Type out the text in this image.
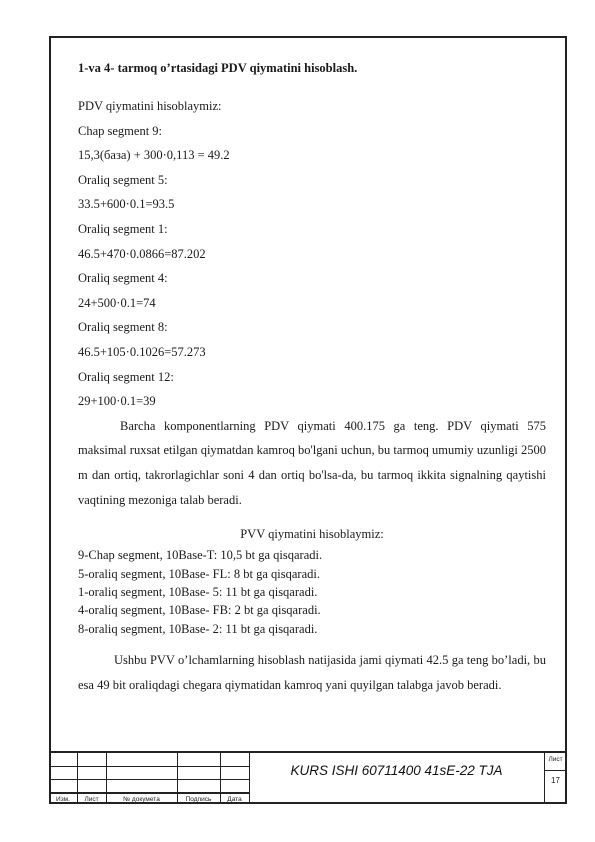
1-va 4- tarmoq o’rtasidagi PDV qiymatini hisoblash.
PDV qiymatini hisoblaymiz:
Chap segment 9:
15,3(база) + 300·0,113 = 49.2
Oraliq segment 5:
33.5+600·0.1=93.5
Oraliq segment 1:
46.5+470·0.0866=87.202
Oraliq segment 4:
24+500·0.1=74
Oraliq segment 8:
46.5+105·0.1026=57.273
Oraliq segment 12:
29+100·0.1=39
Barcha komponentlarning PDV qiymati 400.175 ga teng. PDV qiymati 575 maksimal ruxsat etilgan qiymatdan kamroq bo'lgani uchun, bu tarmoq umumiy uzunligi 2500 m dan ortiq, takrorlagichlar soni 4 dan ortiq bo'lsa-da, bu tarmoq ikkita signalning qaytishi vaqtining mezoniga talab beradi.
PVV qiymatini hisoblaymiz:
9-Chap segment, 10Base-T: 10,5 bt ga qisqaradi.
5-oraliq segment, 10Base- FL: 8 bt ga qisqaradi.
1-oraliq segment, 10Base- 5: 11 bt ga qisqaradi.
4-oraliq segment, 10Base- FB: 2 bt ga qisqaradi.
8-oraliq segment, 10Base- 2: 11 bt ga qisqaradi.
Ushbu PVV o’lchamlarning hisoblash natijasida jami qiymati 42.5 ga teng bo’ladi, bu esa 49 bit oraliqdagi chegara qiymatidan kamroq yani quyilgan talabga javob beradi.
Изм.	Лист	№ докумета	Подпись	Дата
KURS ISHI 60711400 41sE-22 TJA
Лист
17
